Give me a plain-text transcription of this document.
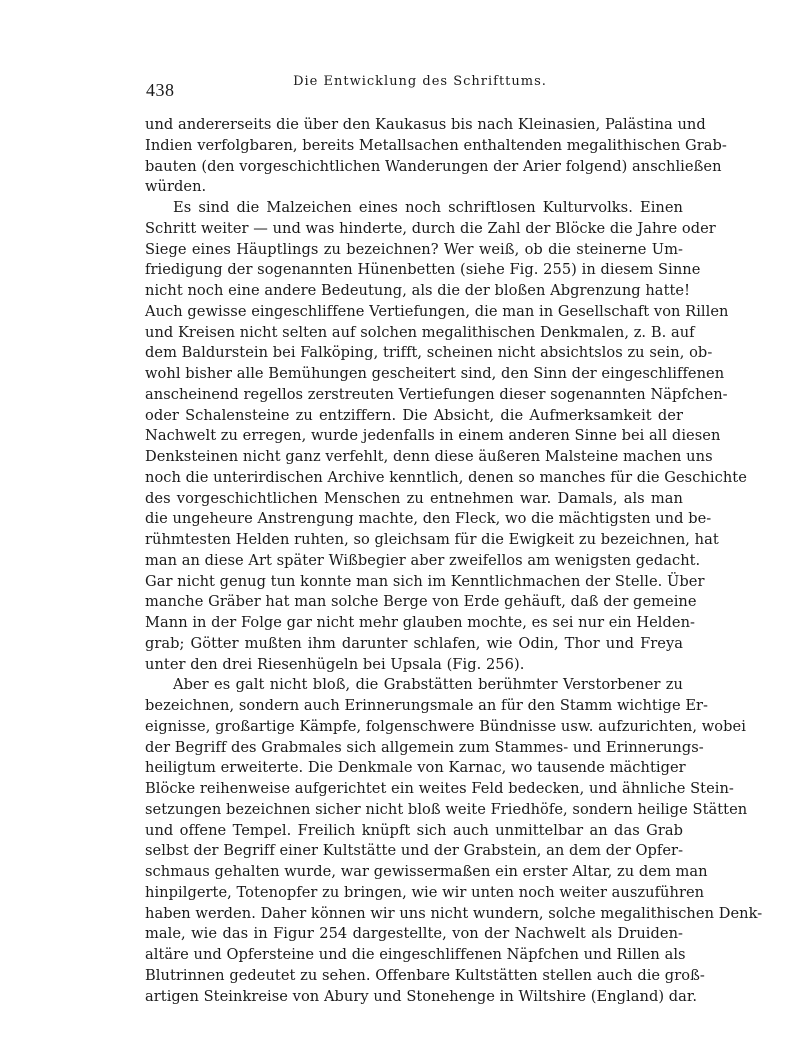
438	Die Entwicklung des Schrifttums.
und andererseits die über den Kaukasus bis nach Kleinasien, Palästina und
Indien verfolgbaren, bereits Metallsachen enthaltenden megalithischen Grab-
bauten (den vorgeschichtlichen Wanderungen der Arier folgend) anschließen
würden.
Es sind die Malzeichen eines noch schriftlosen Kulturvolks. Einen
Schritt weiter — und was hinderte, durch die Zahl der Blöcke die Jahre oder
Siege eines Häuptlings zu bezeichnen? Wer weiß, ob die steinerne Um-
friedigung der sogenannten Hünenbetten (siehe Fig. 255) in diesem Sinne
nicht noch eine andere Bedeutung, als die der bloßen Abgrenzung hatte!
Auch gewisse eingeschliffene Vertiefungen, die man in Gesellschaft von Rillen
und Kreisen nicht selten auf solchen megalithischen Denkmalen, z. B. auf
dem Baldurstein bei Falköping, trifft, scheinen nicht absichtslos zu sein, ob-
wohl bisher alle Bemühungen gescheitert sind, den Sinn der eingeschliffenen
anscheinend regellos zerstreuten Vertiefungen dieser sogenannten Näpfchen-
oder Schalensteine zu entziffern. Die Absicht, die Aufmerksamkeit der
Nachwelt zu erregen, wurde jedenfalls in einem anderen Sinne bei all diesen
Denksteinen nicht ganz verfehlt, denn diese äußeren Malsteine machen uns
noch die unterirdischen Archive kenntlich, denen so manches für die Geschichte
des vorgeschichtlichen Menschen zu entnehmen war. Damals, als man
die ungeheure Anstrengung machte, den Fleck, wo die mächtigsten und be-
rühmtesten Helden ruhten, so gleichsam für die Ewigkeit zu bezeichnen, hat
man an diese Art später Wißbegier aber zweifellos am wenigsten gedacht.
Gar nicht genug tun konnte man sich im Kenntlichmachen der Stelle. Über
manche Gräber hat man solche Berge von Erde gehäuft, daß der gemeine
Mann in der Folge gar nicht mehr glauben mochte, es sei nur ein Helden-
grab; Götter mußten ihm darunter schlafen, wie Odin, Thor und Freya
unter den drei Riesenhügeln bei Upsala (Fig. 256).
Aber es galt nicht bloß, die Grabstätten berühmter Verstorbener zu
bezeichnen, sondern auch Erinnerungsmale an für den Stamm wichtige Er-
eignisse, großartige Kämpfe, folgenschwere Bündnisse usw. aufzurichten, wobei
der Begriff des Grabmales sich allgemein zum Stammes- und Erinnerungs-
heiligtum erweiterte. Die Denkmale von Karnac, wo tausende mächtiger
Blöcke reihenweise aufgerichtet ein weites Feld bedecken, und ähnliche Stein-
setzungen bezeichnen sicher nicht bloß weite Friedhöfe, sondern heilige Stätten
und offene Tempel. Freilich knüpft sich auch unmittelbar an das Grab
selbst der Begriff einer Kultstätte und der Grabstein, an dem der Opfer-
schmaus gehalten wurde, war gewissermaßen ein erster Altar, zu dem man
hinpilgerte, Totenopfer zu bringen, wie wir unten noch weiter auszuführen
haben werden. Daher können wir uns nicht wundern, solche megalithischen Denk-
male, wie das in Figur 254 dargestellte, von der Nachwelt als Druiden-
altäre und Opfersteine und die eingeschliffenen Näpfchen und Rillen als
Blutrinnen gedeutet zu sehen. Offenbare Kultstätten stellen auch die groß-
artigen Steinkreise von Abury und Stonehenge in Wiltshire (England) dar.
